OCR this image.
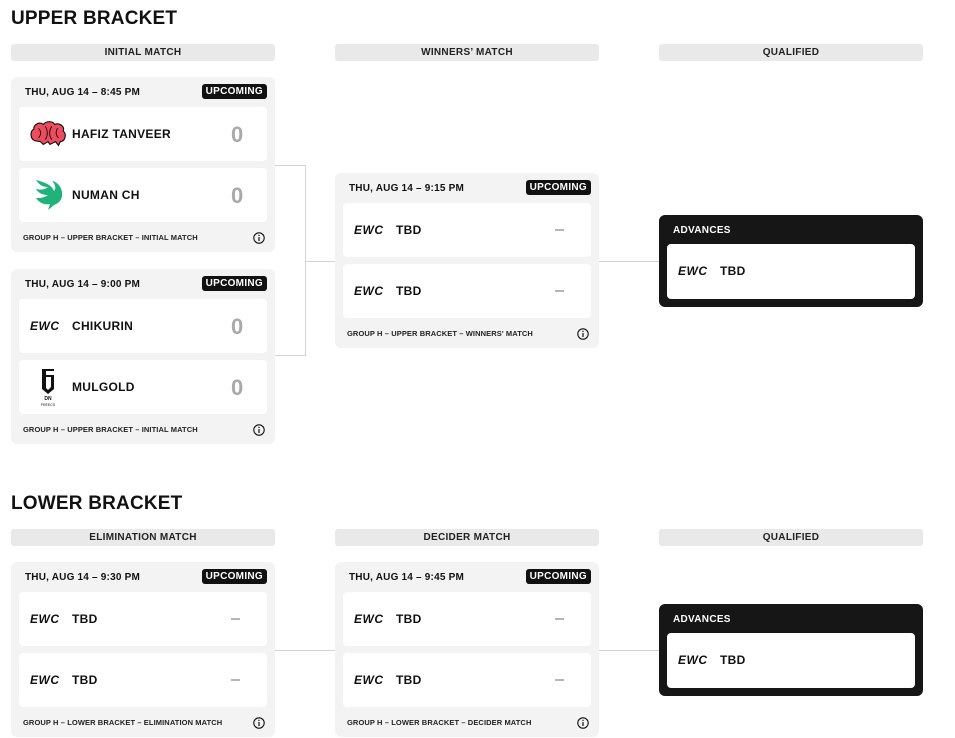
UPPER BRACKET
INITIAL MATCH	WINNERS’ MATCH	QUALIFIED
THU, AUG 14 – 8:45 PM	UPCOMING
HAFIZ TANVEER	0
NUMAN CH	0
GROUP H – UPPER BRACKET – INITIAL MATCH
THU, AUG 14 – 9:00 PM	UPCOMING
EWC CHIKURIN	0
DN
FREECS
MULGOLD	0
GROUP H – UPPER BRACKET – INITIAL MATCH
THU, AUG 14 – 9:15 PM	UPCOMING
EWC TBD
EWC TBD
GROUP H – UPPER BRACKET – WINNERS' MATCH
ADVANCES
EWC TBD
LOWER BRACKET
ELIMINATION MATCH	DECIDER MATCH	QUALIFIED
THU, AUG 14 – 9:30 PM	UPCOMING
EWC TBD
EWC TBD
GROUP H – LOWER BRACKET – ELIMINATION MATCH
THU, AUG 14 – 9:45 PM	UPCOMING
EWC TBD
EWC TBD
GROUP H – LOWER BRACKET – DECIDER MATCH
ADVANCES
EWC TBD
